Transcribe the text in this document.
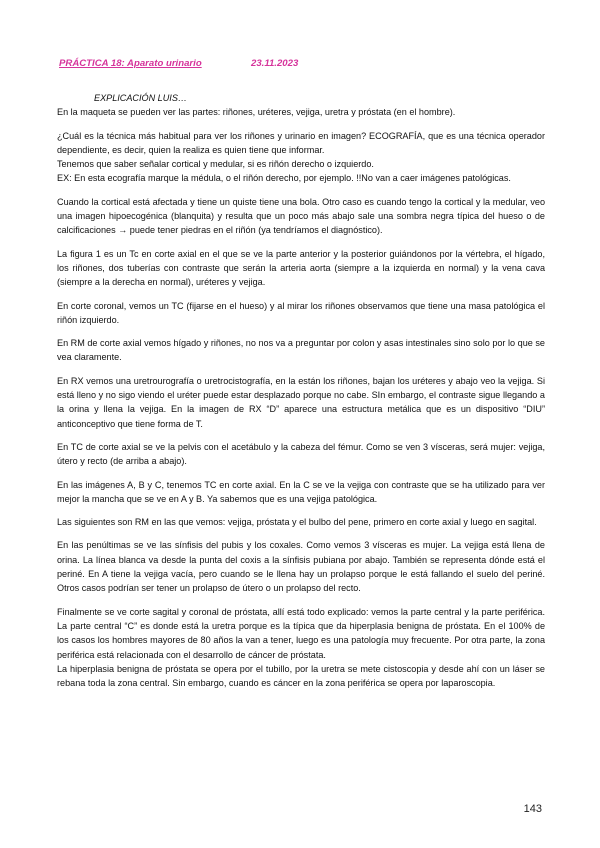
PRÁCTICA 18: Aparato urinario	23.11.2023
EXPLICACIÓN LUIS…

En la maqueta se pueden ver las partes: riñones, uréteres, vejiga, uretra y próstata (en el hombre).

¿Cuál es la técnica más habitual para ver los riñones y urinario en imagen? ECOGRAFÍA, que es una técnica operador dependiente, es decir, quien la realiza es quien tiene que informar.

Tenemos que saber señalar cortical y medular, si es riñón derecho o izquierdo.

EX: En esta ecografía marque la médula, o el riñón derecho, por ejemplo. !!No van a caer imágenes patológicas.

Cuando la cortical está afectada y tiene un quiste tiene una bola. Otro caso es cuando tengo la cortical y la medular, veo una imagen hipoecogénica (blanquita) y resulta que un poco más abajo sale una sombra negra típica del hueso o de calcificaciones → puede tener piedras en el riñón (ya tendríamos el diagnóstico).

La figura 1 es un Tc en corte axial en el que se ve la parte anterior y la posterior guiándonos por la vértebra, el hígado, los riñones, dos tuberías con contraste que serán la arteria aorta (siempre a la izquierda en normal) y la vena cava (siempre a la derecha en normal), uréteres y vejiga.

En corte coronal, vemos un TC (fijarse en el hueso) y al mirar los riñones observamos que tiene una masa patológica el riñón izquierdo.

En RM de corte axial vemos hígado y riñones, no nos va a preguntar por colon y asas intestinales sino solo por lo que se vea claramente.

En RX vemos una uretrourografía o uretrocistografía, en la están los riñones, bajan los uréteres y abajo veo la vejiga. Si está lleno y no sigo viendo el uréter puede estar desplazado porque no cabe. SIn embargo, el contraste sigue llegando a la orina y llena la vejiga. En la imagen de RX “D” aparece una estructura metálica que es un dispositivo “DIU” anticonceptivo que tiene forma de T.

En TC de corte axial se ve la pelvis con el acetábulo y la cabeza del fémur. Como se ven 3 vísceras, será mujer: vejiga, útero y recto (de arriba a abajo).

En las imágenes A, B y C, tenemos TC en corte axial. En la C se ve la vejiga con contraste que se ha utilizado para ver mejor la mancha que se ve en A y B. Ya sabemos que es una vejiga patológica.

Las siguientes son RM en las que vemos: vejiga, próstata y el bulbo del pene, primero en corte axial y luego en sagital.

En las penúltimas se ve las sínfisis del pubis y los coxales. Como vemos 3 vísceras es mujer. La vejiga está llena de orina. La línea blanca va desde la punta del coxis a la sínfisis pubiana por abajo. También se representa dónde está el periné. En A tiene la vejiga vacía, pero cuando se le llena hay un prolapso porque le está fallando el suelo del periné. Otros casos podrían ser tener un prolapso de útero o un prolapso del recto.

Finalmente se ve corte sagital y coronal de próstata, allí está todo explicado: vemos la parte central y la parte periférica. La parte central “C” es donde está la uretra porque es la típica que da hiperplasia benigna de próstata. En el 100% de los casos los hombres mayores de 80 años la van a tener, luego es una patología muy frecuente. Por otra parte, la zona periférica está relacionada con el desarrollo de cáncer de próstata.

La hiperplasia benigna de próstata se opera por el tubillo, por la uretra se mete cistoscopia y desde ahí con un láser se rebana toda la zona central. Sin embargo, cuando es cáncer en la zona periférica se opera por laparoscopia.

143
